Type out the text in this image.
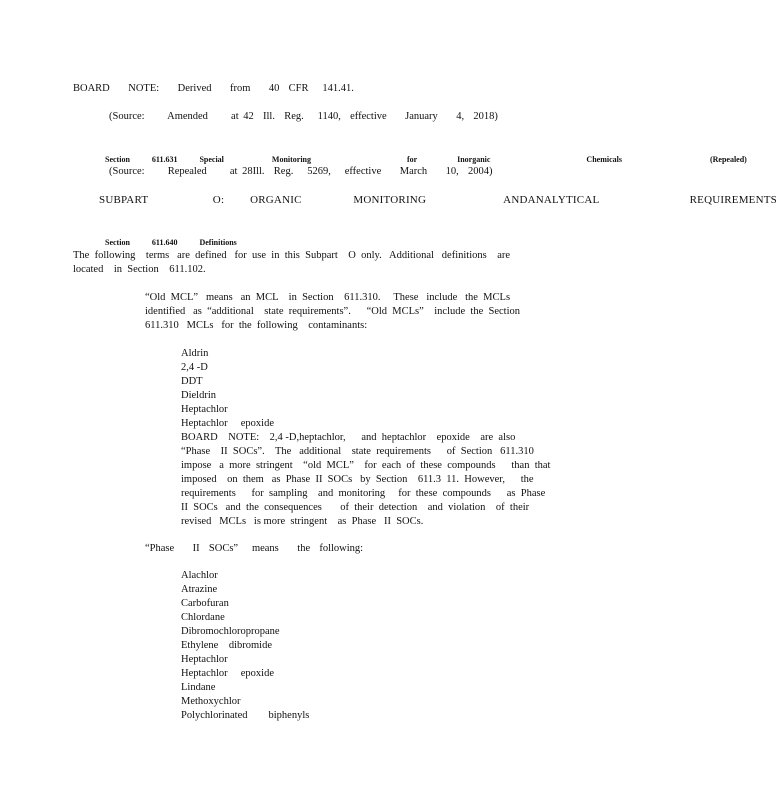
BOARD    NOTE:    Derived    from    40  CFR   141.41.
(Source:     Amended     at 42  Ill.  Reg.   1140,  effective    January    4,  2018)

Section	611.631	Special      Monitoring            for     Inorganic            Chemicals           (Repealed)

(Source:     Repealed     at 28Ill.  Reg.   5269,   effective    March    10,  2004)
SUBPART     O:  ORGANIC    MONITORING      ANDANALYTICAL       REQUIREMENTS

Section	611.640	Definitions

The  following    terms   are  defined   for  use  in  this  Subpart    O  only.   Additional   definitions    are
located    in  Section    611.102.
“Old  MCL”   means   an  MCL    in  Section    611.310.     These   include   the  MCLs
identified   as  “additional    state  requirements”.      “Old  MCLs”    include  the  Section
611.310   MCLs   for  the  following    contaminants:
Aldrin
2,4 -D
DDT
Dieldrin
Heptachlor
Heptachlor     epoxide
BOARD    NOTE:    2,4 -D,heptachlor,      and  heptachlor    epoxide    are  also
“Phase    II  SOCs”.    The   additional    state  requirements      of  Section   611.310
impose   a  more  stringent    “old  MCL”    for  each  of  these  compounds      than  that
imposed    on  them   as  Phase  II  SOCs   by  Section    611.3  11.  However,      the
requirements      for  sampling    and  monitoring     for  these  compounds      as  Phase
II  SOCs   and  the  consequences       of  their  detection    and  violation    of  their
revised   MCLs   is more  stringent    as  Phase   II  SOCs.
“Phase    II  SOCs”   means    the  following:
Alachlor
Atrazine
Carbofuran
Chlordane
Dibromochloropropane
Ethylene    dibromide
Heptachlor
Heptachlor     epoxide
Lindane
Methoxychlor
Polychlorinated        biphenyls
